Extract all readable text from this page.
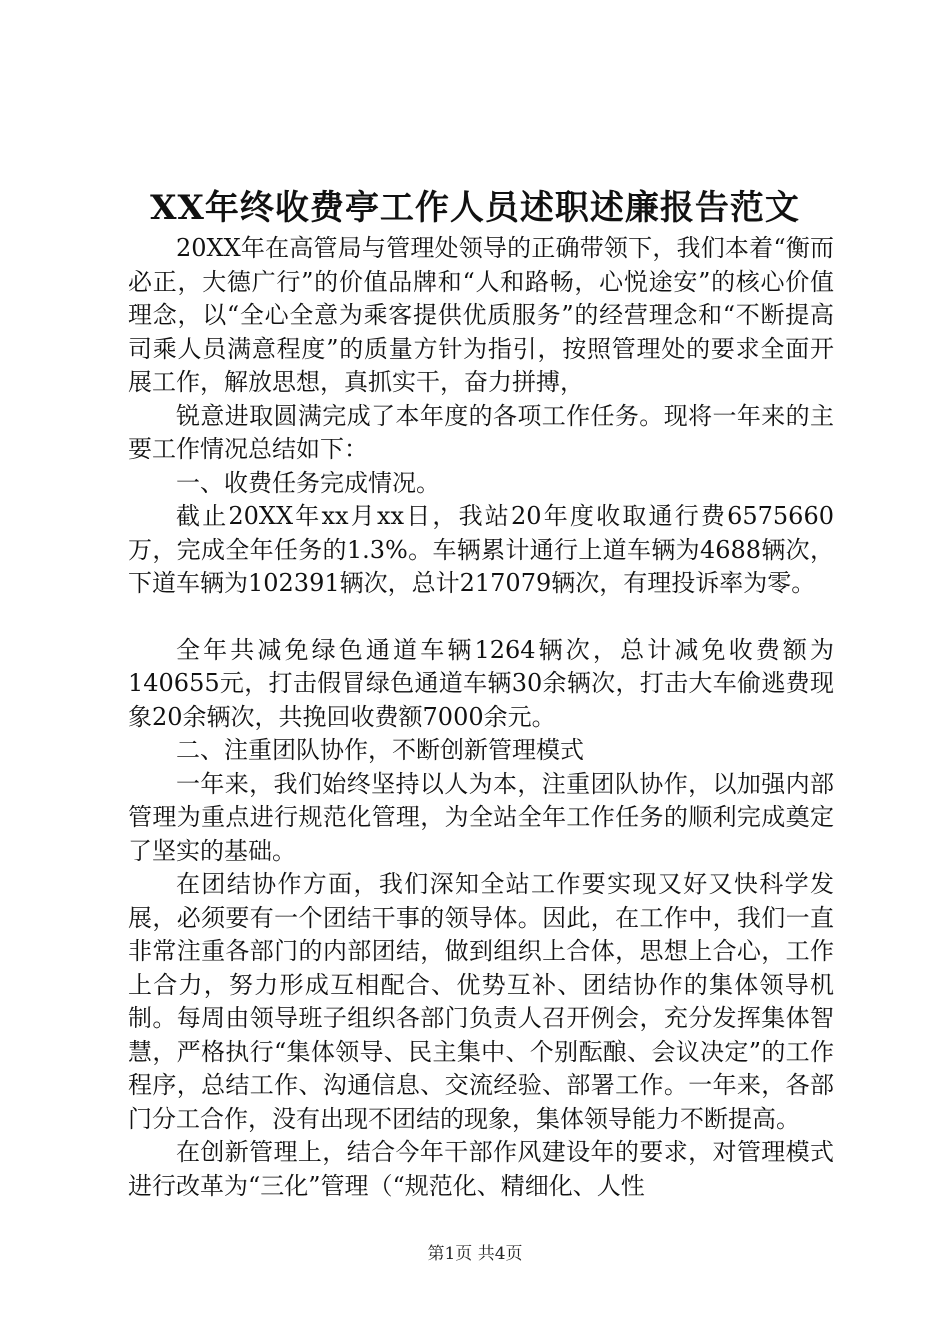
XX年终收费亭工作人员述职述廉报告范文

20XX年在高管局与管理处领导的正确带领下，我们本着“衡而必正，大德广行”的价值品牌和“人和路畅，心悦途安”的核心价值理念，以“全心全意为乘客提供优质服务”的经营理念和“不断提高司乘人员满意程度”的质量方针为指引，按照管理处的要求全面开展工作，解放思想，真抓实干，奋力拼搏，

锐意进取圆满完成了本年度的各项工作任务。现将一年来的主要工作情况总结如下：

一、收费任务完成情况。

截止20XX年xx月xx日，我站20年度收取通行费6575660万，完成全年任务的1.3%。车辆累计通行上道车辆为4688辆次，下道车辆为102391辆次，总计217079辆次，有理投诉率为零。

全年共减免绿色通道车辆1264辆次，总计减免收费额为140655元，打击假冒绿色通道车辆30余辆次，打击大车偷逃费现象20余辆次，共挽回收费额7000余元。

二、注重团队协作，不断创新管理模式

一年来，我们始终坚持以人为本，注重团队协作，以加强内部管理为重点进行规范化管理，为全站全年工作任务的顺利完成奠定了坚实的基础。

在团结协作方面，我们深知全站工作要实现又好又快科学发展，必须要有一个团结干事的领导体。因此，在工作中，我们一直非常注重各部门的内部团结，做到组织上合体，思想上合心，工作上合力，努力形成互相配合、优势互补、团结协作的集体领导机制。每周由领导班子组织各部门负责人召开例会，充分发挥集体智慧，严格执行“集体领导、民主集中、个别酝酿、会议决定”的工作程序，总结工作、沟通信息、交流经验、部署工作。一年来，各部门分工合作，没有出现不团结的现象，集体领导能力不断提高。

在创新管理上，结合今年干部作风建设年的要求，对管理模式进行改革为“三化”管理（“规范化、精细化、人性

第1页 共4页
